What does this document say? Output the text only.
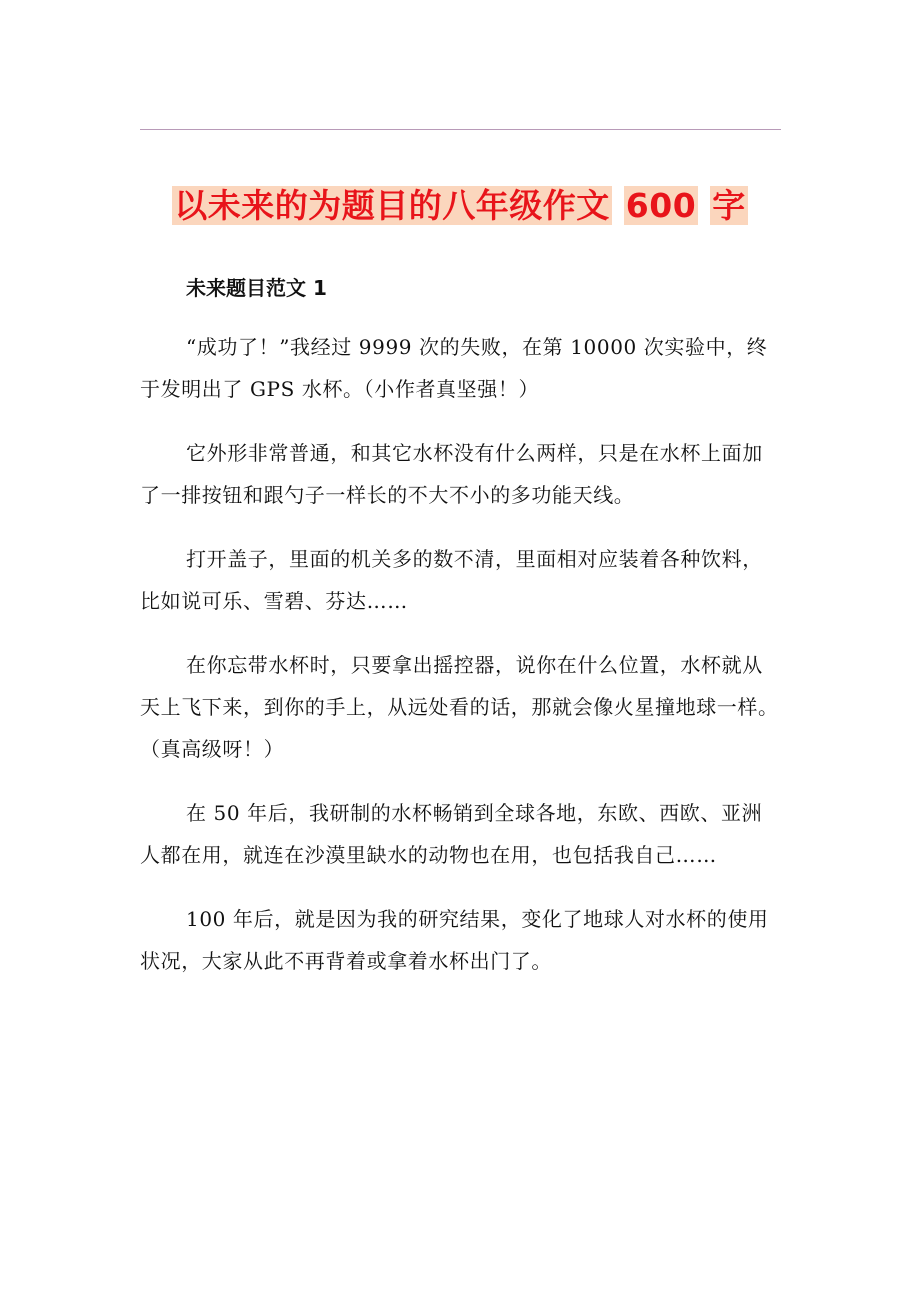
以未来的为题目的八年级作文 600 字
未来题目范文 1

“成功了！”我经过 9999 次的失败，在第 10000 次实验中，终于发明出了 GPS 水杯。（小作者真坚强！）

它外形非常普通，和其它水杯没有什么两样，只是在水杯上面加了一排按钮和跟勺子一样长的不大不小的多功能天线。

打开盖子，里面的机关多的数不清，里面相对应装着各种饮料，比如说可乐、雪碧、芬达……

在你忘带水杯时，只要拿出摇控器，说你在什么位置，水杯就从天上飞下来，到你的手上，从远处看的话，那就会像火星撞地球一样。（真高级呀！）

在 50 年后，我研制的水杯畅销到全球各地，东欧、西欧、亚洲人都在用，就连在沙漠里缺水的动物也在用，也包括我自己……

100 年后，就是因为我的研究结果，变化了地球人对水杯的使用状况，大家从此不再背着或拿着水杯出门了。
